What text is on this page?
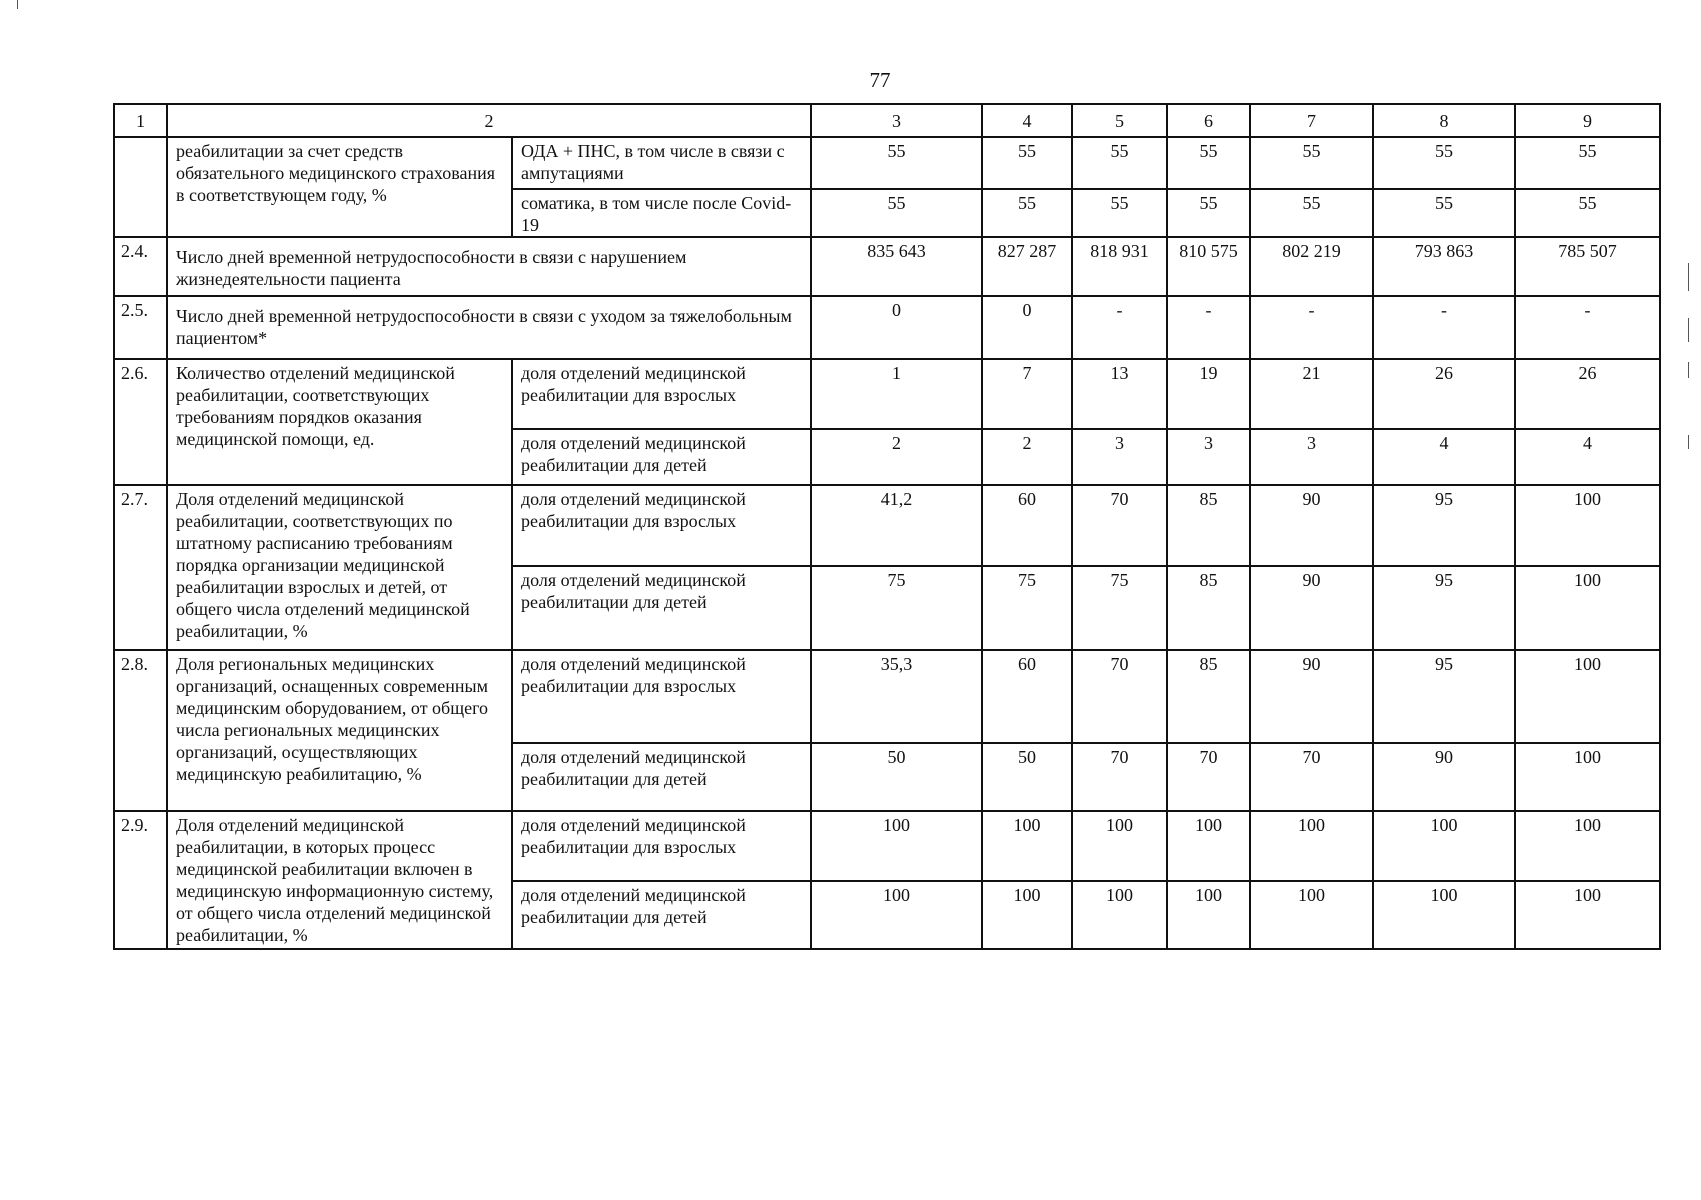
77
1	2		3	4	5	6	7	8	9
	реабилитации за счет средств обязательного медицинского страхования в соответствующем году, %	ОДА + ПНС, в том числе в связи с ампутациями	55	55	55	55	55	55	55
		соматика, в том числе после Covid-19	55	55	55	55	55	55	55
2.4.	Число дней временной нетрудоспособности в связи с нарушением жизнедеятельности пациента		835 643	827 287	818 931	810 575	802 219	793 863	785 507
2.5.	Число дней временной нетрудоспособности в связи с уходом за тяжелобольным пациентом*		0	0	-	-	-	-	-
2.6.	Количество отделений медицинской реабилитации, соответствующих требованиям порядков оказания медицинской помощи, ед.	доля отделений медицинской реабилитации для взрослых	1	7	13	19	21	26	26
		доля отделений медицинской реабилитации для детей	2	2	3	3	3	4	4
2.7.	Доля отделений медицинской реабилитации, соответствующих по штатному расписанию требованиям порядка организации медицинской реабилитации взрослых и детей, от общего числа отделений медицинской реабилитации, %	доля отделений медицинской реабилитации для взрослых	41,2	60	70	85	90	95	100
		доля отделений медицинской реабилитации для детей	75	75	75	85	90	95	100
2.8.	Доля региональных медицинских организаций, оснащенных современным медицинским оборудованием, от общего числа региональных медицинских организаций, осуществляющих медицинскую реабилитацию, %	доля отделений медицинской реабилитации для взрослых	35,3	60	70	85	90	95	100
		доля отделений медицинской реабилитации для детей	50	50	70	70	70	90	100
2.9.	Доля отделений медицинской реабилитации, в которых процесс медицинской реабилитации включен в медицинскую информационную систему, от общего числа отделений медицинской реабилитации, %	доля отделений медицинской реабилитации для взрослых	100	100	100	100	100	100	100
		доля отделений медицинской реабилитации для детей	100	100	100	100	100	100	100
